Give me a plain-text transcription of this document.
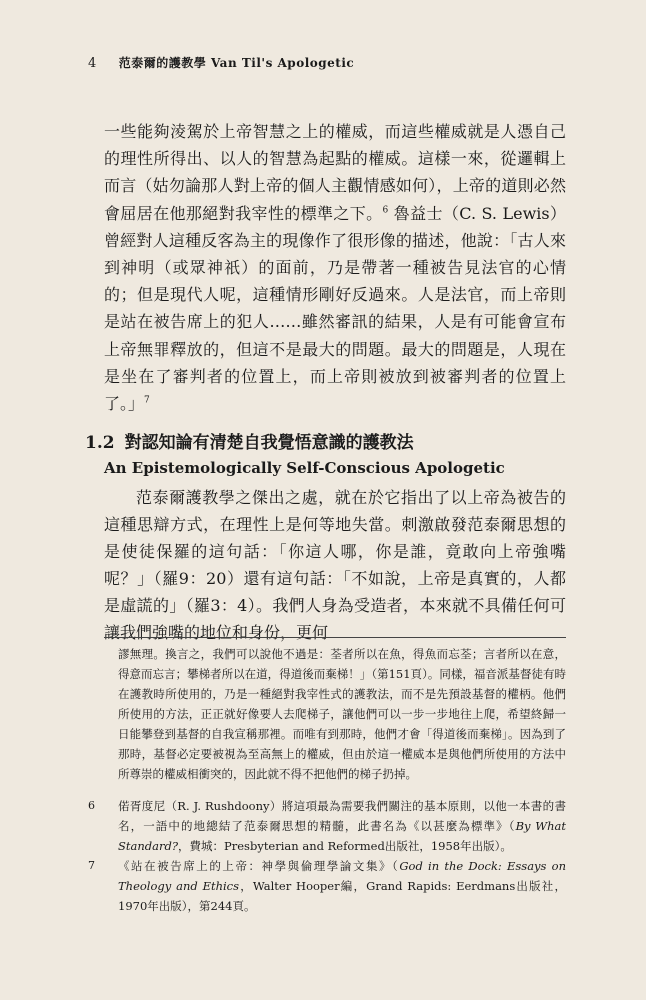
4 范泰爾的護教學 Van Til's Apologetic
一些能夠淩駕於上帝智慧之上的權威，而這些權威就是人憑自己的理性所得出、以人的智慧為起點的權威。這樣一來，從邏輯上而言（姑勿論那人對上帝的個人主觀情感如何），上帝的道則必然會屈居在他那絕對我宰性的標準之下。$^6$ 魯益士（C. S. Lewis）曾經對人這種反客為主的現像作了很形像的描述，他說：「古人來到神明（或眾神祇）的面前，乃是帶著一種被告見法官的心情的；但是現代人呢，這種情形剛好反過來。人是法官，而上帝則是站在被告席上的犯人……雖然審訊的結果，人是有可能會宣布上帝無罪釋放的，但這不是最大的問題。最大的問題是，人現在是坐在了審判者的位置上，而上帝則被放到被審判者的位置上了。」$^7$
1.2 對認知論有清楚自我覺悟意識的護教法
An Epistemologically Self-Conscious Apologetic
范泰爾護教學之傑出之處，就在於它指出了以上帝為被告的這種思辯方式，在理性上是何等地失當。刺激啟發范泰爾思想的是使徒保羅的這句話：「你這人哪，你是誰，竟敢向上帝強嘴呢？」（羅9：20）還有這句話：「不如說，上帝是真實的，人都是虛謊的」（羅3：4）。我們人身為受造者，本來就不具備任何可讓我們強嘴的地位和身份，更何
謬無理。換言之，我們可以說他不過是：荃者所以在魚，得魚而忘荃；言者所以在意，得意而忘言；攀梯者所以在道，得道後而棄梯！」（第151頁）。同樣，福音派基督徒有時在護教時所使用的，乃是一種絕對我宰性式的護教法，而不是先預設基督的權柄。他們所使用的方法，正正就好像要人去爬梯子，讓他們可以一步一步地往上爬，希望終歸一日能攀登到基督的自我宣稱那裡。而唯有到那時，他們才會「得道後而棄梯」。因為到了那時，基督必定要被視為至高無上的權威，但由於這一權威本是與他們所使用的方法中所尊崇的權威相衝突的，因此就不得不把他們的梯子扔掉。
6 偌胥度尼（R. J. Rushdoony）將這項最為需要我們關注的基本原則，以他一本書的書名，一語中的地總結了范泰爾思想的精髓，此書名為《以甚麼為標準》（By What Standard?，費城：Presbyterian and Reformed出版社，1958年出版）。
7 《站在被告席上的上帝：神學與倫理學論文集》（God in the Dock: Essays on Theology and Ethics，Walter Hooper編，Grand Rapids: Eerdmans出版社，1970年出版），第244頁。
